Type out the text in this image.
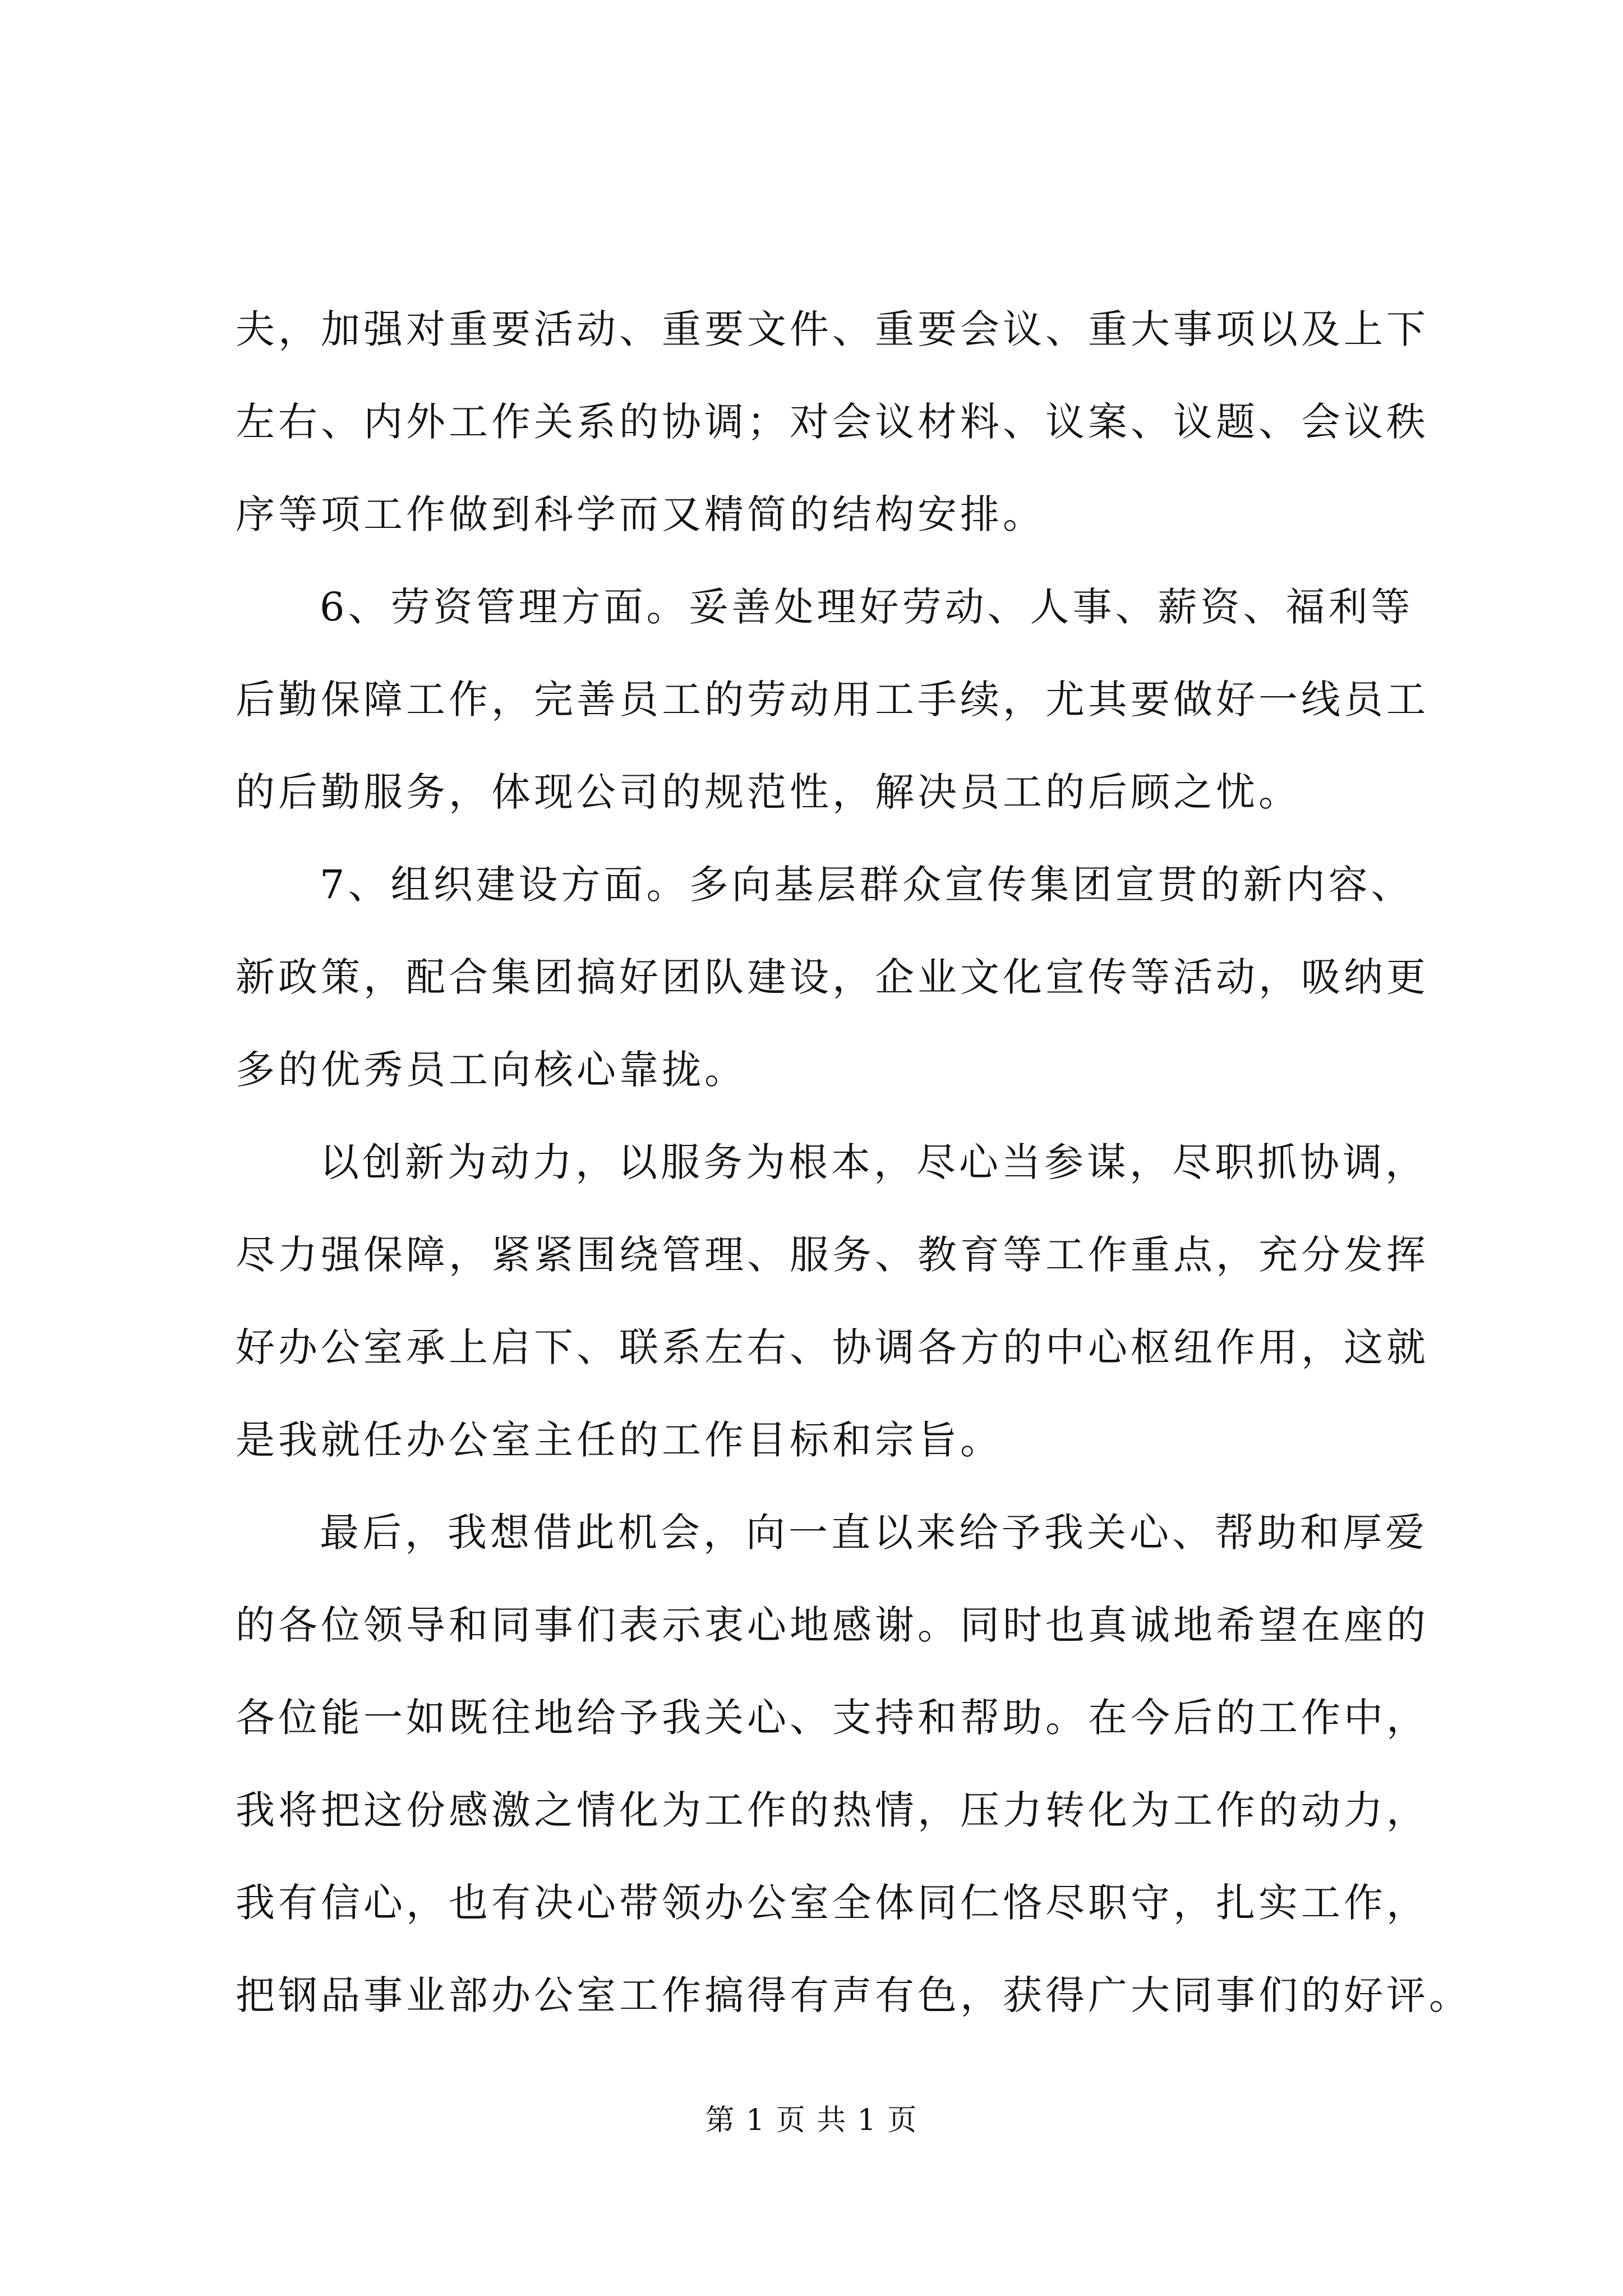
夫，加强对重要活动、重要文件、重要会议、重大事项以及上下
左右、内外工作关系的协调；对会议材料、议案、议题、会议秩
序等项工作做到科学而又精简的结构安排。
6、劳资管理方面。妥善处理好劳动、人事、薪资、福利等
后勤保障工作，完善员工的劳动用工手续，尤其要做好一线员工
的后勤服务，体现公司的规范性，解决员工的后顾之忧。
7、组织建设方面。多向基层群众宣传集团宣贯的新内容、
新政策，配合集团搞好团队建设，企业文化宣传等活动，吸纳更
多的优秀员工向核心靠拢。
以创新为动力，以服务为根本，尽心当参谋，尽职抓协调，
尽力强保障，紧紧围绕管理、服务、教育等工作重点，充分发挥
好办公室承上启下、联系左右、协调各方的中心枢纽作用，这就
是我就任办公室主任的工作目标和宗旨。
最后，我想借此机会，向一直以来给予我关心、帮助和厚爱
的各位领导和同事们表示衷心地感谢。同时也真诚地希望在座的
各位能一如既往地给予我关心、支持和帮助。在今后的工作中，
我将把这份感激之情化为工作的热情，压力转化为工作的动力，
我有信心，也有决心带领办公室全体同仁恪尽职守，扎实工作，
把钢品事业部办公室工作搞得有声有色，获得广大同事们的好评。
第 1 页 共 1 页
